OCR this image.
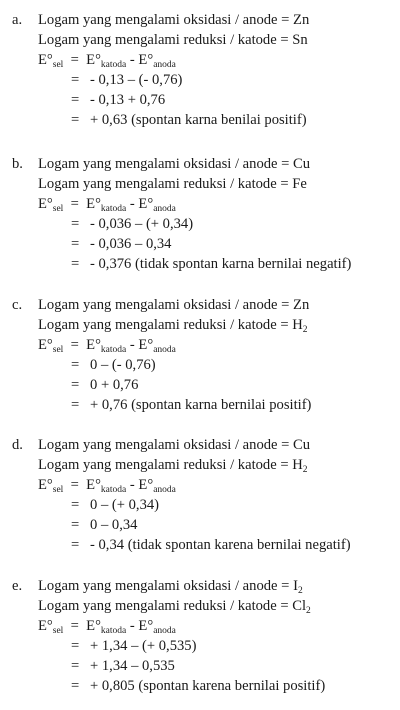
a. Logam yang mengalami oksidasi / anode = Zn
Logam yang mengalami reduksi / katode = Sn
$E^\circ_{sel} = E^\circ_{katoda} - E^\circ_{anoda}$
= - 0,13 – (- 0,76)
= - 0,13 + 0,76
= + 0,63 (spontan karna benilai positif)
b. Logam yang mengalami oksidasi / anode = Cu
Logam yang mengalami reduksi / katode = Fe
$E^\circ_{sel} = E^\circ_{katoda} - E^\circ_{anoda}$
= - 0,036 – (+ 0,34)
= - 0,036 – 0,34
= - 0,376 (tidak spontan karna bernilai negatif)
c. Logam yang mengalami oksidasi / anode = Zn
Logam yang mengalami reduksi / katode = $H_2$
$E^\circ_{sel} = E^\circ_{katoda} - E^\circ_{anoda}$
= 0 – (- 0,76)
= 0 + 0,76
= + 0,76 (spontan karna bernilai positif)
d. Logam yang mengalami oksidasi / anode = Cu
Logam yang mengalami reduksi / katode = $H_2$
$E^\circ_{sel} = E^\circ_{katoda} - E^\circ_{anoda}$
= 0 – (+ 0,34)
= 0 – 0,34
= - 0,34 (tidak spontan karena bernilai negatif)
e. Logam yang mengalami oksidasi / anode = $I_2$
Logam yang mengalami reduksi / katode = $Cl_2$
$E^\circ_{sel} = E^\circ_{katoda} - E^\circ_{anoda}$
= + 1,34 – (+ 0,535)
= + 1,34 – 0,535
= + 0,805 (spontan karena bernilai positif)
